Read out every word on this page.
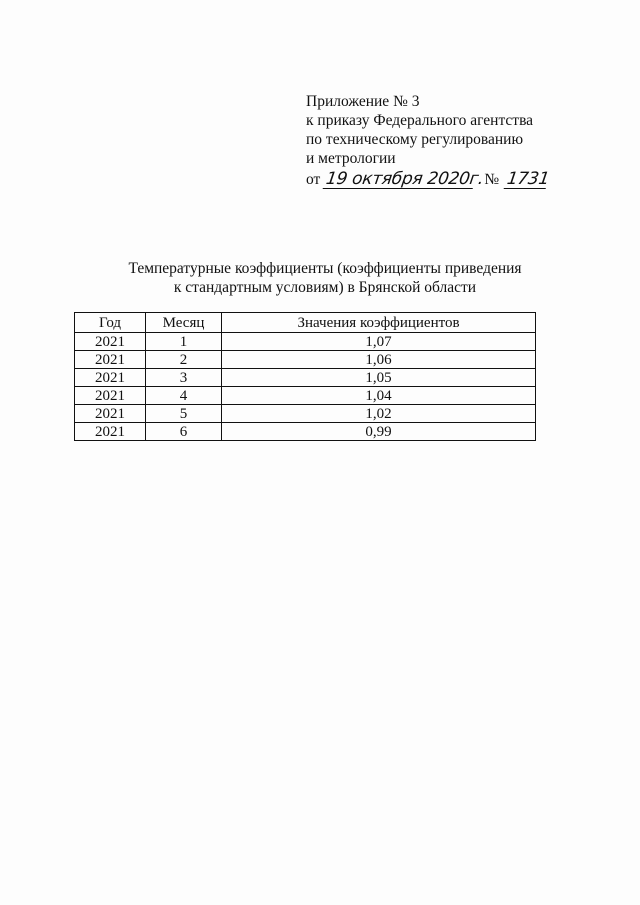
Приложение № 3
к приказу Федерального агентства
по техническому регулированию
и метрологии
от 19 октября 2020г. № 1731
Температурные коэффициенты (коэффициенты приведения
к стандартным условиям) в Брянской области
Год	Месяц	Значения коэффициентов
2021	1	1,07
2021	2	1,06
2021	3	1,05
2021	4	1,04
2021	5	1,02
2021	6	0,99
